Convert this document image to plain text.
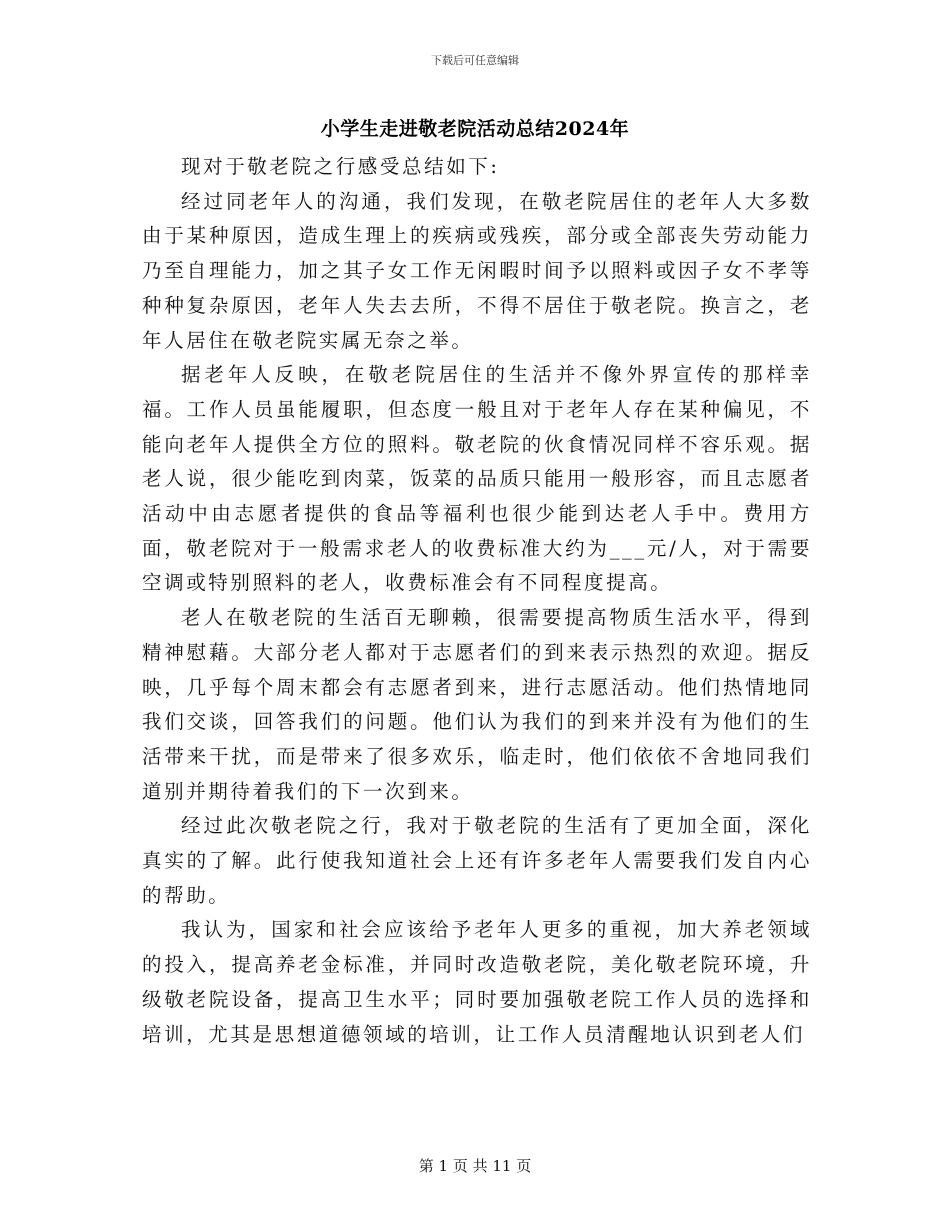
下载后可任意编辑
小学生走进敬老院活动总结2024年

现对于敬老院之行感受总结如下:

经过同老年人的沟通，我们发现，在敬老院居住的老年人大多数由于某种原因，造成生理上的疾病或残疾，部分或全部丧失劳动能力乃至自理能力，加之其子女工作无闲暇时间予以照料或因子女不孝等种种复杂原因，老年人失去去所，不得不居住于敬老院。换言之，老年人居住在敬老院实属无奈之举。

据老年人反映，在敬老院居住的生活并不像外界宣传的那样幸福。工作人员虽能履职，但态度一般且对于老年人存在某种偏见，不能向老年人提供全方位的照料。敬老院的伙食情况同样不容乐观。据老人说，很少能吃到肉菜，饭菜的品质只能用一般形容，而且志愿者活动中由志愿者提供的食品等福利也很少能到达老人手中。费用方面，敬老院对于一般需求老人的收费标准大约为___元/人，对于需要空调或特别照料的老人，收费标准会有不同程度提高。

老人在敬老院的生活百无聊赖，很需要提高物质生活水平，得到精神慰藉。大部分老人都对于志愿者们的到来表示热烈的欢迎。据反映，几乎每个周末都会有志愿者到来，进行志愿活动。他们热情地同我们交谈，回答我们的问题。他们认为我们的到来并没有为他们的生活带来干扰，而是带来了很多欢乐，临走时，他们依依不舍地同我们道别并期待着我们的下一次到来。

经过此次敬老院之行，我对于敬老院的生活有了更加全面，深化真实的了解。此行使我知道社会上还有许多老年人需要我们发自内心的帮助。

我认为，国家和社会应该给予老年人更多的重视，加大养老领域的投入，提高养老金标准，并同时改造敬老院，美化敬老院环境，升级敬老院设备，提高卫生水平；同时要加强敬老院工作人员的选择和培训，尤其是思想道德领域的培训，让工作人员清醒地认识到老人们

第 1 页 共 11 页
